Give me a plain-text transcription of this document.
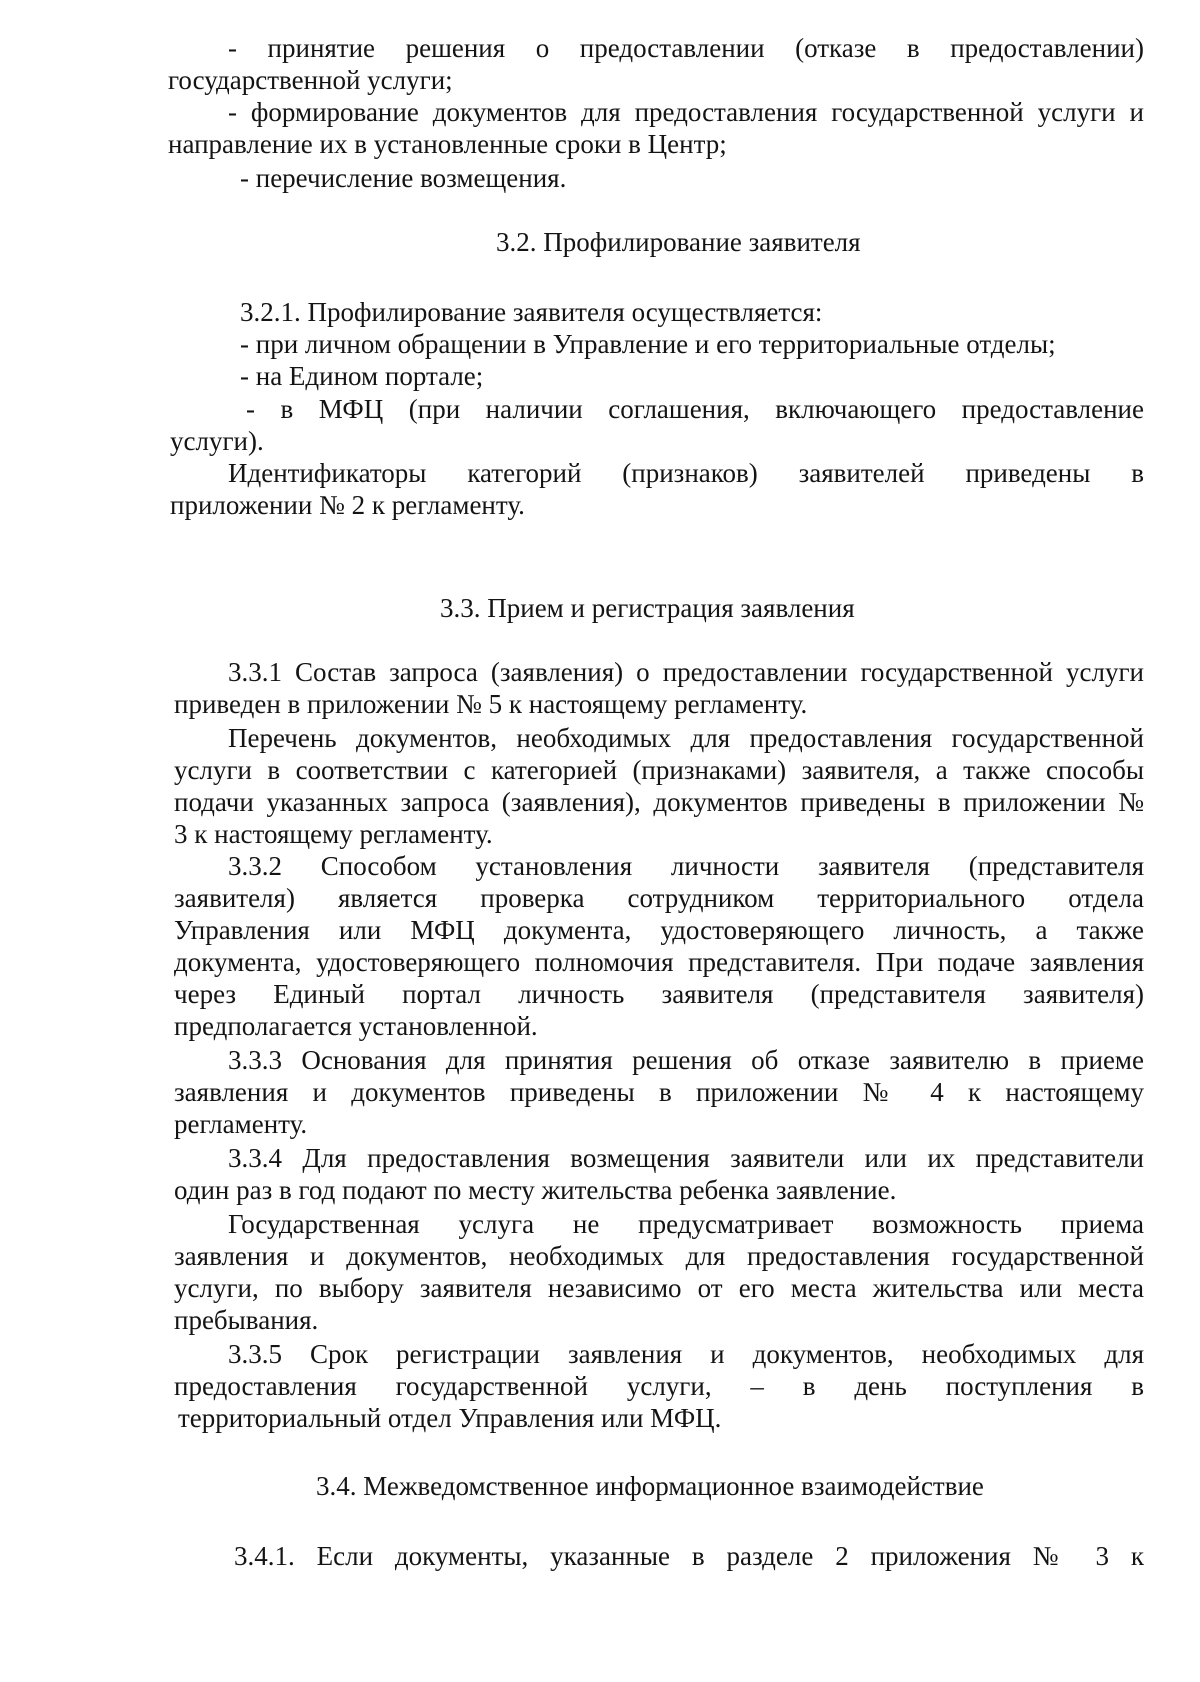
- принятие решения о предоставлении (отказе в предоставлении)
государственной услуги;
- формирование документов для предоставления государственной услуги и
направление их в установленные сроки в Центр;
- перечисление возмещения.
3.2. Профилирование заявителя
3.2.1. Профилирование заявителя осуществляется:
- при личном обращении в Управление и его территориальные отделы;
- на Едином портале;
- в МФЦ (при наличии соглашения, включающего предоставление
услуги).
Идентификаторы категорий (признаков) заявителей приведены в
приложении № 2 к регламенту.
3.3. Прием и регистрация заявления
3.3.1 Состав запроса (заявления) о предоставлении государственной услуги
приведен в приложении № 5 к настоящему регламенту.
Перечень документов, необходимых для предоставления государственной
услуги в соответствии с категорией (признаками) заявителя, а также способы
подачи указанных запроса (заявления), документов приведены в приложении №
3 к настоящему регламенту.
3.3.2 Способом установления личности заявителя (представителя
заявителя) является проверка сотрудником территориального отдела
Управления или МФЦ документа, удостоверяющего личность, а также
документа, удостоверяющего полномочия представителя. При подаче заявления
через Единый портал личность заявителя (представителя заявителя)
предполагается установленной.
3.3.3 Основания для принятия решения об отказе заявителю в приеме
заявления и документов приведены в приложении № 4 к настоящему
регламенту.
3.3.4 Для предоставления возмещения заявители или их представители
один раз в год подают по месту жительства ребенка заявление.
Государственная услуга не предусматривает возможность приема
заявления и документов, необходимых для предоставления государственной
услуги, по выбору заявителя независимо от его места жительства или места
пребывания.
3.3.5 Срок регистрации заявления и документов, необходимых для
предоставления государственной услуги, – в день поступления в
территориальный отдел Управления или МФЦ.
3.4. Межведомственное информационное взаимодействие
3.4.1. Если документы, указанные в разделе 2 приложения № 3 к
